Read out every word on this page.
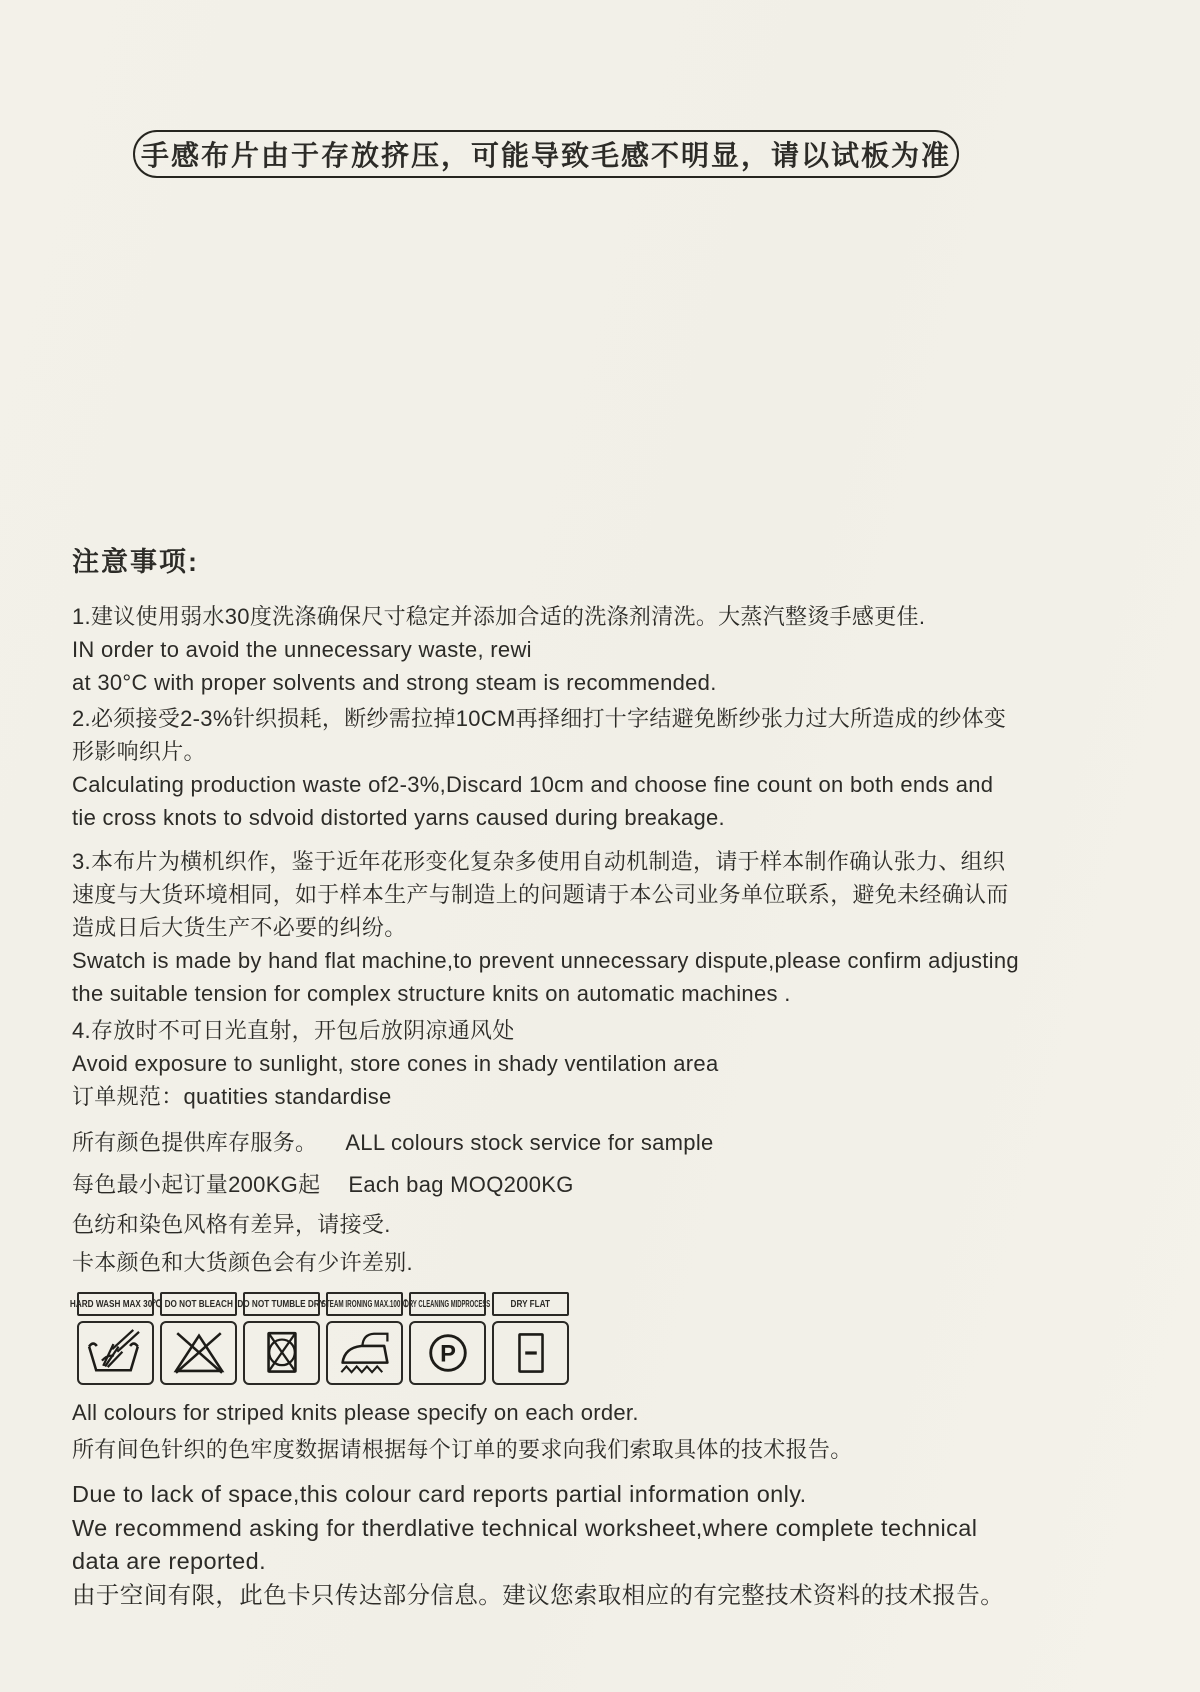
手感布片由于存放挤压，可能导致毛感不明显，请以试板为准
注意事项:
1.建议使用弱水30度洗涤确保尺寸稳定并添加合适的洗涤剂清洗。大蒸汽整烫手感更佳.
IN order to avoid the unnecessary waste, rewi
at 30°C with proper solvents and strong steam is recommended.
2.必须接受2-3%针织损耗，断纱需拉掉10CM再择细打十字结避免断纱张力过大所造成的纱体变
形影响织片。
Calculating production waste of2-3%,Discard 10cm and choose fine count on both ends and
tie cross knots to sdvoid distorted yarns caused during breakage.
3.本布片为横机织作，鉴于近年花形变化复杂多使用自动机制造，请于样本制作确认张力、组织
速度与大货环境相同，如于样本生产与制造上的问题请于本公司业务单位联系，避免未经确认而
造成日后大货生产不必要的纠纷。
Swatch is made by hand flat machine,to prevent unnecessary dispute,please confirm adjusting
the suitable tension for complex structure knits on automatic machines .
4.存放时不可日光直射，开包后放阴凉通风处
Avoid exposure to sunlight, store cones in shady ventilation area
订单规范：quatities standardise
所有颜色提供库存服务。 ALL colours stock service for sample
每色最小起订量200KG起 Each bag MOQ200KG
色纺和染色风格有差异，请接受.
卡本颜色和大货颜色会有少许差别.
HARD WASH MAX 30℃ DO NOT BLEACH DO NOT TUMBLE DRY
STEAM IRONING MAX.100℃
DRY CLEANING MIDPROCESS
P
DRY FLAT
All colours for striped knits please specify on each order.
所有间色针织的色牢度数据请根据每个订单的要求向我们索取具体的技术报告。
Due to lack of space,this colour card reports partial information only.
We recommend asking for therdlative technical worksheet,where complete technical
data are reported.
由于空间有限，此色卡只传达部分信息。建议您索取相应的有完整技术资料的技术报告。
